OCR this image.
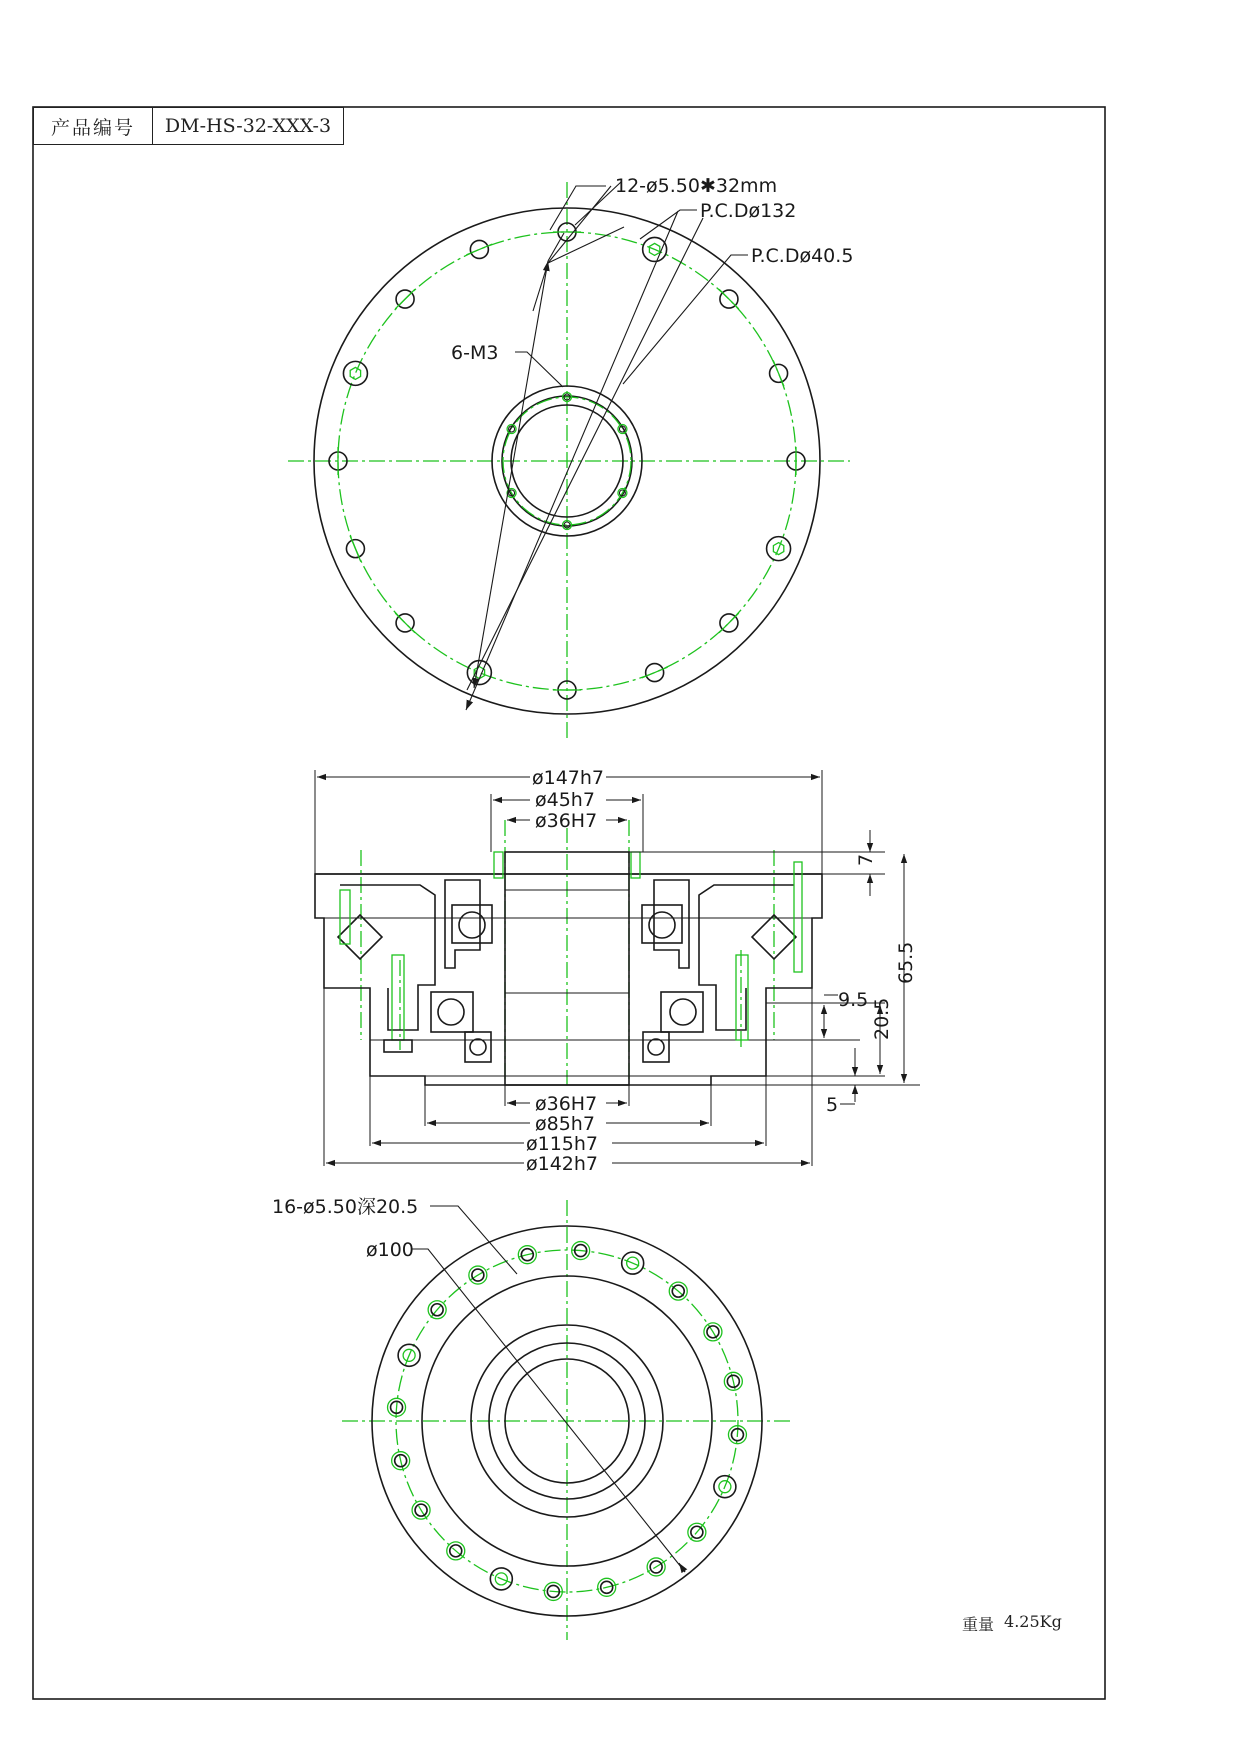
12-ø5.50✱32mm
P.C.Dø132
P.C.Dø40.5
6-M3
ø147h7
ø45h7
ø36H7
ø36H7
ø85h7
ø115h7
ø142h7
7
65.5
9.5 20.5
5
16-ø5.50深20.5
ø100
产品编号	DM-HS-32-XXX-3
重量 4.25Kg
